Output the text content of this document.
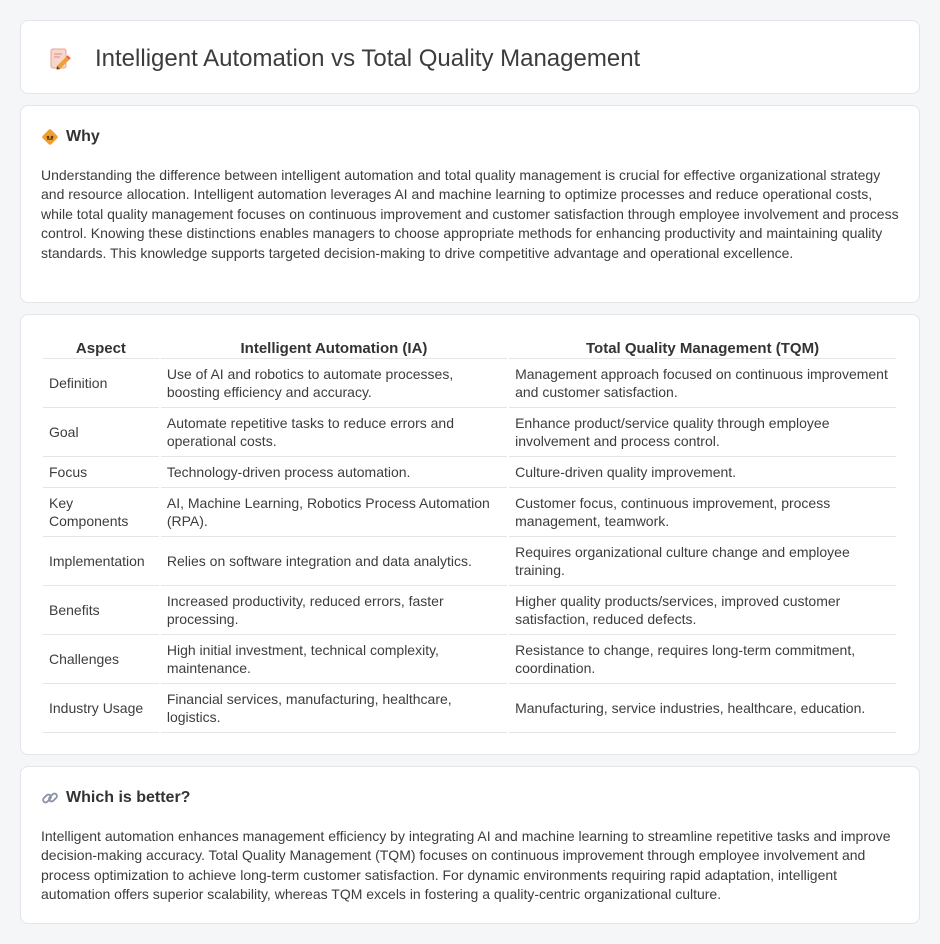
Intelligent Automation vs Total Quality Management
Why

Understanding the difference between intelligent automation and total quality management is crucial for effective organizational strategy and resource allocation. Intelligent automation leverages AI and machine learning to optimize processes and reduce operational costs, while total quality management focuses on continuous improvement and customer satisfaction through employee involvement and process control. Knowing these distinctions enables managers to choose appropriate methods for enhancing productivity and maintaining quality standards. This knowledge supports targeted decision-making to drive competitive advantage and operational excellence.

Aspect	Intelligent Automation (IA)	Total Quality Management (TQM)
Definition	Use of AI and robotics to automate processes, boosting efficiency and accuracy.	Management approach focused on continuous improvement and customer satisfaction.
Goal	Automate repetitive tasks to reduce errors and operational costs.	Enhance product/service quality through employee involvement and process control.
Focus	Technology-driven process automation.	Culture-driven quality improvement.
Key Components	AI, Machine Learning, Robotics Process Automation (RPA).	Customer focus, continuous improvement, process management, teamwork.
Implementation	Relies on software integration and data analytics.	Requires organizational culture change and employee training.
Benefits	Increased productivity, reduced errors, faster processing.	Higher quality products/services, improved customer satisfaction, reduced defects.
Challenges	High initial investment, technical complexity, maintenance.	Resistance to change, requires long-term commitment, coordination.
Industry Usage	Financial services, manufacturing, healthcare, logistics.	Manufacturing, service industries, healthcare, education.
Which is better?

Intelligent automation enhances management efficiency by integrating AI and machine learning to streamline repetitive tasks and improve decision-making accuracy. Total Quality Management (TQM) focuses on continuous improvement through employee involvement and process optimization to achieve long-term customer satisfaction. For dynamic environments requiring rapid adaptation, intelligent automation offers superior scalability, whereas TQM excels in fostering a quality-centric organizational culture.
